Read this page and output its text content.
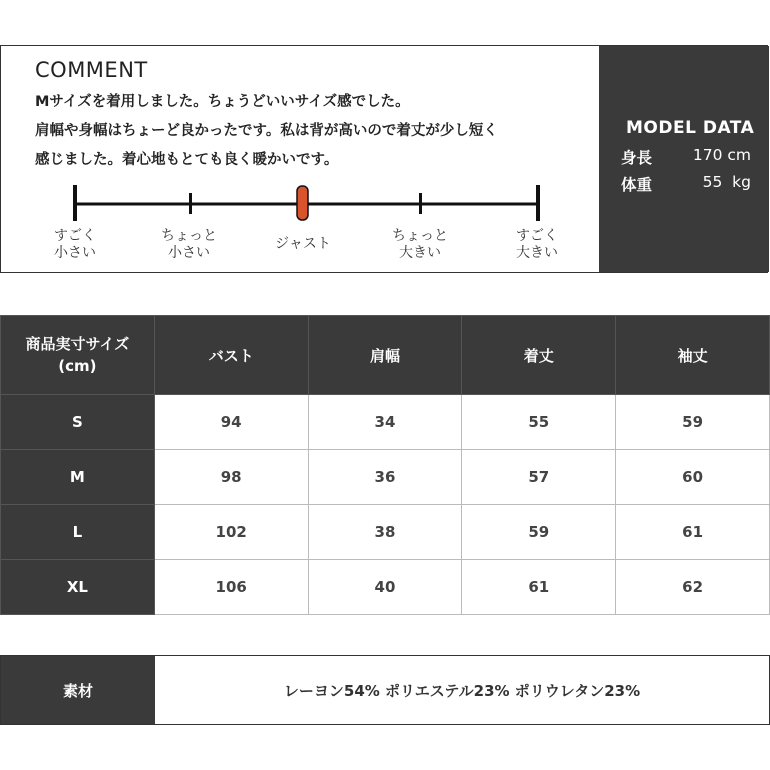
COMMENT
Mサイズを着用しました。ちょうどいいサイズ感でした。
肩幅や身幅はちょーど良かったです。私は背が高いので着丈が少し短く
感じました。着心地もとても良く暖かいです。
すごく
小さい
ちょっと
小さい
ジャスト	ちょっと
大きい
すごく
大きい
MODEL DATA
身長	170 cm
体重	55  kg
商品実寸サイズ
(cm)	バスト	肩幅	着丈	袖丈
S	94	34	55	59
M	98	36	57	60
L	102	38	59	61
XL	106	40	61	62
素材	レーヨン54% ポリエステル23% ポリウレタン23%
